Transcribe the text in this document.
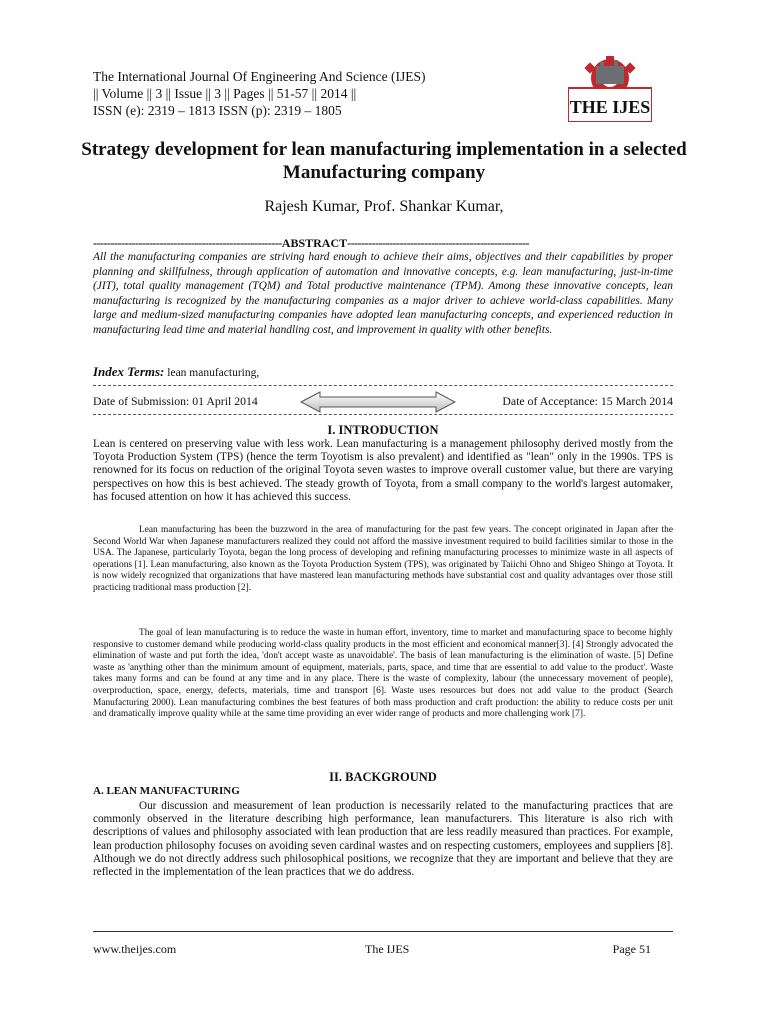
The International Journal Of Engineering And Science (IJES)
|| Volume || 3 || Issue || 3 || Pages || 51-57 || 2014 ||
ISSN (e): 2319 – 1813 ISSN (p): 2319 – 1805	THE IJES
Strategy development for lean manufacturing implementation in a selected Manufacturing company
Rajesh Kumar, Prof. Shankar Kumar,
------------------------------------------------------ABSTRACT----------------------------------------------------

All the manufacturing companies are striving hard enough to achieve their aims, objectives and their capabilities by proper planning and skillfulness, through application of automation and innovative concepts, e.g. lean manufacturing, just-in-time (JIT), total quality management (TQM) and Total productive maintenance (TPM). Among these innovative concepts, lean manufacturing is recognized by the manufacturing companies as a major driver to achieve world-class capabilities. Many large and medium-sized manufacturing companies have adopted lean manufacturing concepts, and experienced reduction in manufacturing lead time and material handling cost, and improvement in quality with other benefits.

Index Terms: lean manufacturing,
Date of Submission: 01 April 2014	Date of Acceptance: 15 March 2014
I. INTRODUCTION

Lean is centered on preserving value with less work. Lean manufacturing is a management philosophy derived mostly from the Toyota Production System (TPS) (hence the term Toyotism is also prevalent) and identified as "lean" only in the 1990s. TPS is renowned for its focus on reduction of the original Toyota seven wastes to improve overall customer value, but there are varying perspectives on how this is best achieved. The steady growth of Toyota, from a small company to the world's largest automaker, has focused attention on how it has achieved this success.

Lean manufacturing has been the buzzword in the area of manufacturing for the past few years. The concept originated in Japan after the Second World War when Japanese manufacturers realized they could not afford the massive investment required to build facilities similar to those in the USA. The Japanese, particularly Toyota, began the long process of developing and refining manufacturing processes to minimize waste in all aspects of operations [1]. Lean manufacturing, also known as the Toyota Production System (TPS), was originated by Taiichi Ohno and Shigeo Shingo at Toyota. It is now widely recognized that organizations that have mastered lean manufacturing methods have substantial cost and quality advantages over those still practicing traditional mass production [2].

The goal of lean manufacturing is to reduce the waste in human effort, inventory, time to market and manufacturing space to become highly responsive to customer demand while producing world-class quality products in the most efficient and economical manner[3]. [4] Strongly advocated the elimination of waste and put forth the idea, 'don't accept waste as unavoidable'. The basis of lean manufacturing is the elimination of waste. [5] Define waste as 'anything other than the minimum amount of equipment, materials, parts, space, and time that are essential to add value to the product'. Waste takes many forms and can be found at any time and in any place. There is the waste of complexity, labour (the unnecessary movement of people), overproduction, space, energy, defects, materials, time and transport [6]. Waste uses resources but does not add value to the product (Search Manufacturing 2000). Lean manufacturing combines the best features of both mass production and craft production: the ability to reduce costs per unit and dramatically improve quality while at the same time providing an ever wider range of products and more challenging work [7].

II. BACKGROUND
A. LEAN MANUFACTURING

Our discussion and measurement of lean production is necessarily related to the manufacturing practices that are commonly observed in the literature describing high performance, lean manufacturers. This literature is also rich with descriptions of values and philosophy associated with lean production that are less readily measured than practices. For example, lean production philosophy focuses on avoiding seven cardinal wastes and on respecting customers, employees and suppliers [8]. Although we do not directly address such philosophical positions, we recognize that they are important and believe that they are reflected in the implementation of the lean practices that we do address.

www.theijes.com	The IJES	Page 51
